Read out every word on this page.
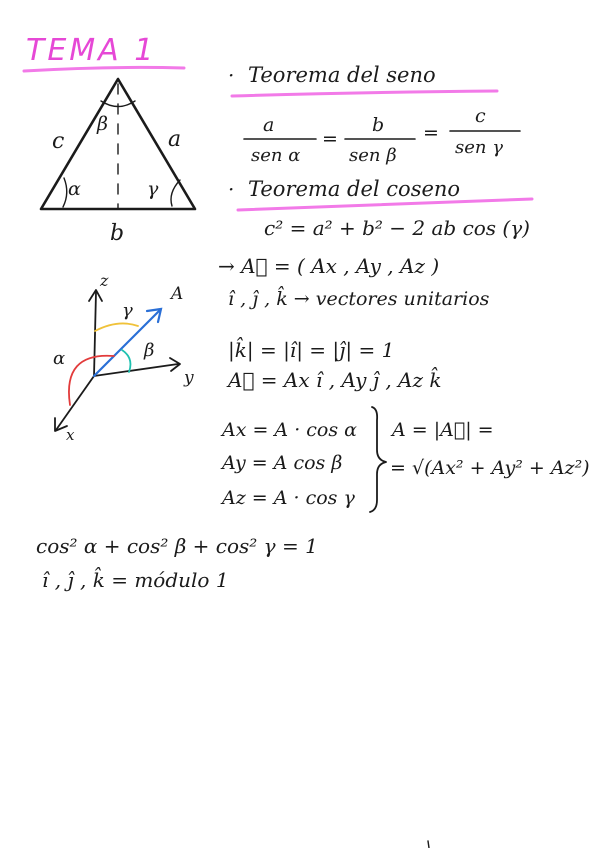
TEMA 1
c	a
b
β
α	γ
· Teorema del seno
a
sen α
=
b
sen β
=
c
sen γ
· Teorema del coseno
c² = a² + b² − 2 ab cos (γ)
z
y
x
A
α	β
γ
→ A⃗ = ( Ax , Ay , Az )
î , ĵ , k̂ → vectores unitarios
|k̂| = |î| = |ĵ| = 1
A⃗ = Ax î , Ay ĵ , Az k̂
Ax = A · cos α
Ay = A cos β
Az = A · cos γ
A = |A⃗| =
= √(Ax² + Ay² + Az²)
cos² α + cos² β + cos² γ = 1
î , ĵ , k̂ = módulo 1
